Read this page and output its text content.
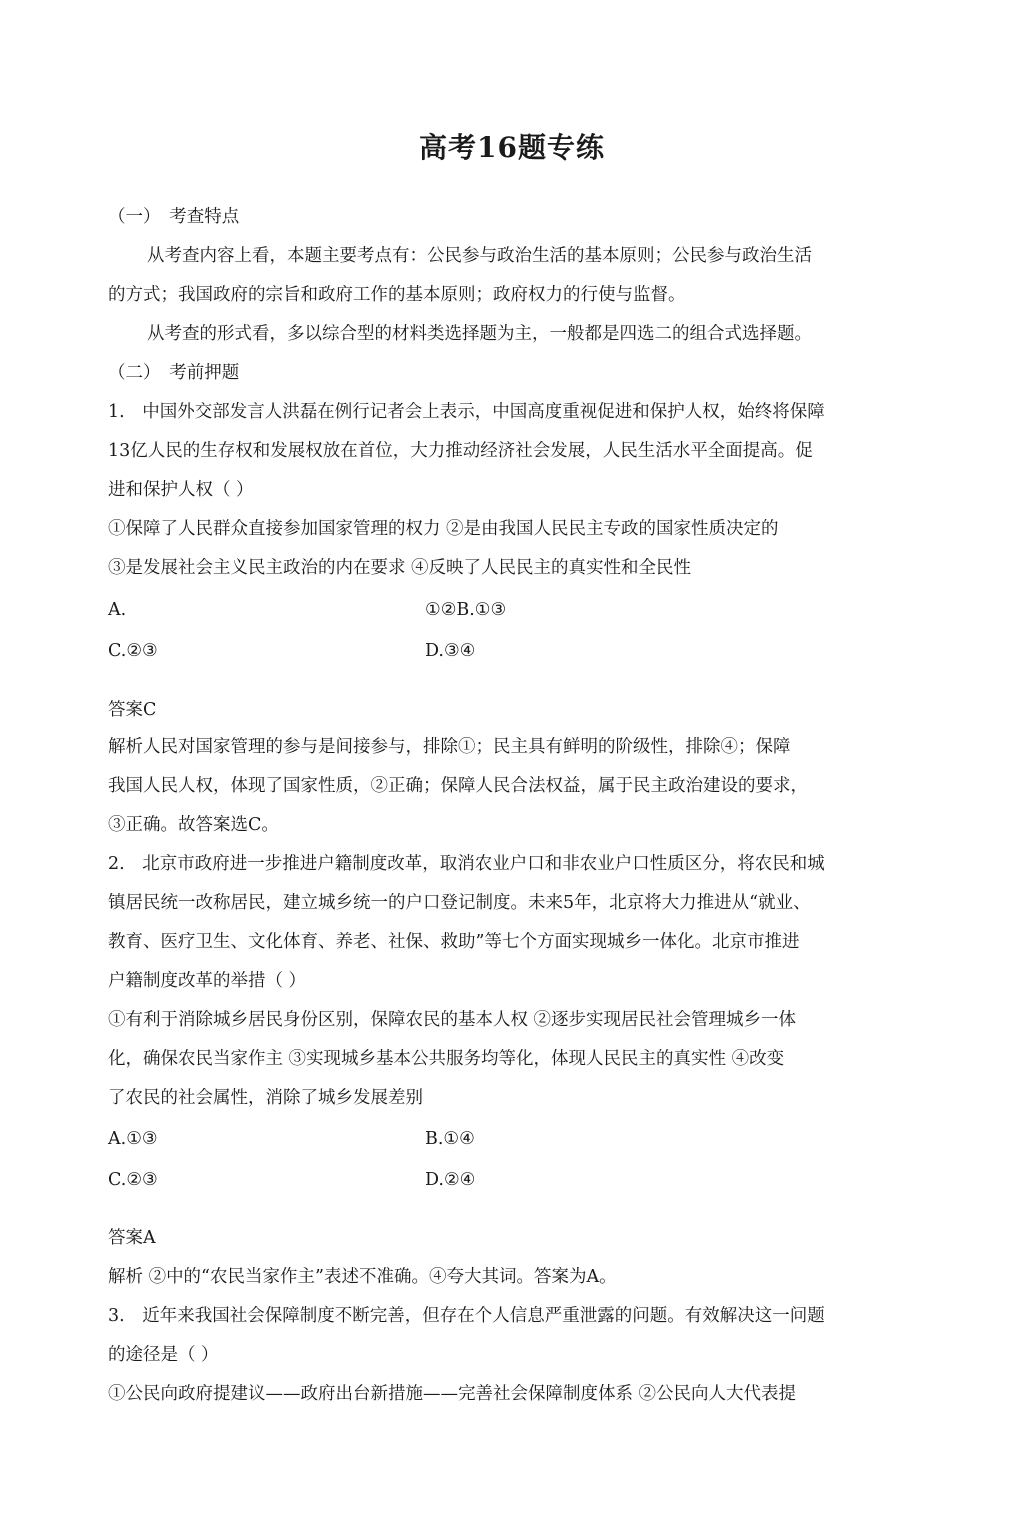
高考16题专练
（一）　考查特点
从考查内容上看，本题主要考点有：公民参与政治生活的基本原则；公民参与政治生活
的方式；我国政府的宗旨和政府工作的基本原则；政府权力的行使与监督。
从考查的形式看，多以综合型的材料类选择题为主，一般都是四选二的组合式选择题。
（二）　考前押题
1.　中国外交部发言人洪磊在例行记者会上表示，中国高度重视促进和保护人权，始终将保障
13亿人民的生存权和发展权放在首位，大力推动经济社会发展，人民生活水平全面提高。促
进和保护人权（ ）
①保障了人民群众直接参加国家管理的权力 ②是由我国人民民主专政的国家性质决定的
③是发展社会主义民主政治的内在要求 ④反映了人民民主的真实性和全民性
A.	①②B.①③
C.②③	D.③④
答案C
解析人民对国家管理的参与是间接参与，排除①；民主具有鲜明的阶级性，排除④；保障
我国人民人权，体现了国家性质，②正确；保障人民合法权益，属于民主政治建设的要求，
③正确。故答案选C。
2.　北京市政府进一步推进户籍制度改革，取消农业户口和非农业户口性质区分，将农民和城
镇居民统一改称居民，建立城乡统一的户口登记制度。未来5年，北京将大力推进从“就业、
教育、医疗卫生、文化体育、养老、社保、救助”等七个方面实现城乡一体化。北京市推进
户籍制度改革的举措（ ）
①有利于消除城乡居民身份区别，保障农民的基本人权 ②逐步实现居民社会管理城乡一体
化，确保农民当家作主 ③实现城乡基本公共服务均等化，体现人民民主的真实性 ④改变
了农民的社会属性，消除了城乡发展差别
A.①③	B.①④
C.②③	D.②④
答案A
解析 ②中的“农民当家作主”表述不准确。④夸大其词。答案为A。
3.　近年来我国社会保障制度不断完善，但存在个人信息严重泄露的问题。有效解决这一问题
的途径是（ ）
①公民向政府提建议——政府出台新措施——完善社会保障制度体系 ②公民向人大代表提
